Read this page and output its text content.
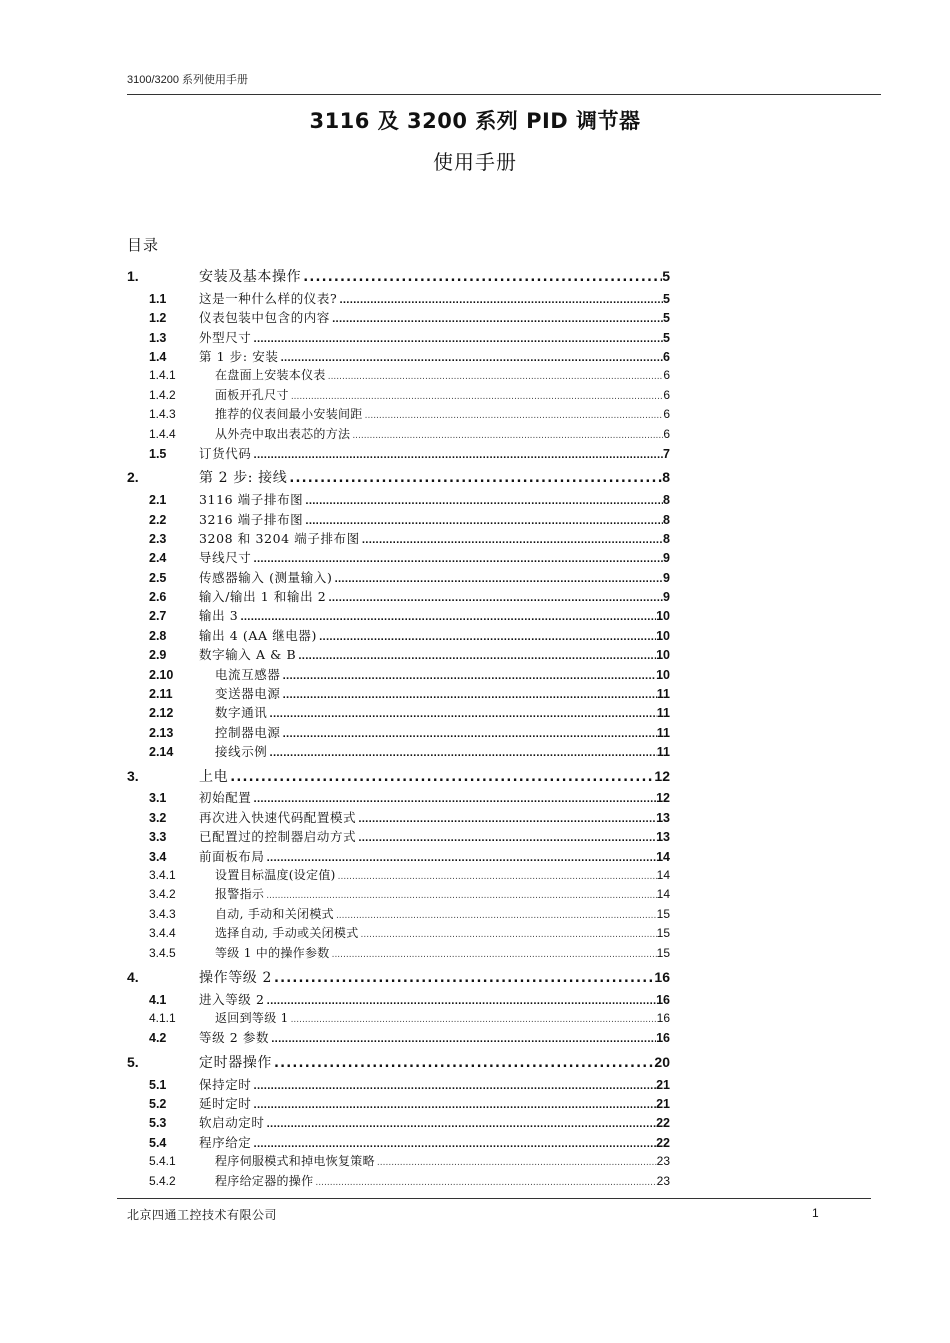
3100/3200 系列使用手册
3116 及 3200 系列 PID 调节器
使用手册
目录
1.	安装及基本操作 .....	5
1.1	这是一种什么样的仪表? .....	5
1.2	仪表包装中包含的内容 .....	5
1.3	外型尺寸 .....	5
1.4	第 1 步: 安装 .....	6
1.4.1	在盘面上安装本仪表 .....	6
1.4.2	面板开孔尺寸 .....	6
1.4.3	推荐的仪表间最小安装间距 .....	6
1.4.4	从外壳中取出表芯的方法 .....	6
1.5	订货代码 .....	7
2.	第 2 步: 接线 .....	8
2.1	3116 端子排布图 .....	8
2.2	3216 端子排布图 .....	8
2.3	3208 和 3204 端子排布图 .....	8
2.4	导线尺寸 .....	9
2.5	传感器输入 (测量输入) .....	9
2.6	输入/输出 1 和输出 2 .....	9
2.7	输出 3 .....	10
2.8	输出 4 (AA 继电器) .....	10
2.9	数字输入 A & B .....	10
2.10	电流互感器 .....	10
2.11	变送器电源 .....	11
2.12	数字通讯 .....	11
2.13	控制器电源 .....	11
2.14	接线示例 .....	11
3.	上电 .....	12
3.1	初始配置 .....	12
3.2	再次进入快速代码配置模式 .....	13
3.3	已配置过的控制器启动方式 .....	13
3.4	前面板布局 .....	14
3.4.1	设置目标温度(设定值) .....	14
3.4.2	报警指示 .....	14
3.4.3	自动, 手动和关闭模式 .....	15
3.4.4	选择自动, 手动或关闭模式 .....	15
3.4.5	等级 1 中的操作参数 .....	15
4.	操作等级 2 .....	16
4.1	进入等级 2 .....	16
4.1.1	返回到等级 1 .....	16
4.2	等级 2 参数 .....	16
5.	定时器操作 .....	20
5.1	保持定时 .....	21
5.2	延时定时 .....	21
5.3	软启动定时 .....	22
5.4	程序给定 .....	22
5.4.1	程序伺服模式和掉电恢复策略 .....	23
5.4.2	程序给定器的操作 .....	23
北京四通工控技术有限公司	1
